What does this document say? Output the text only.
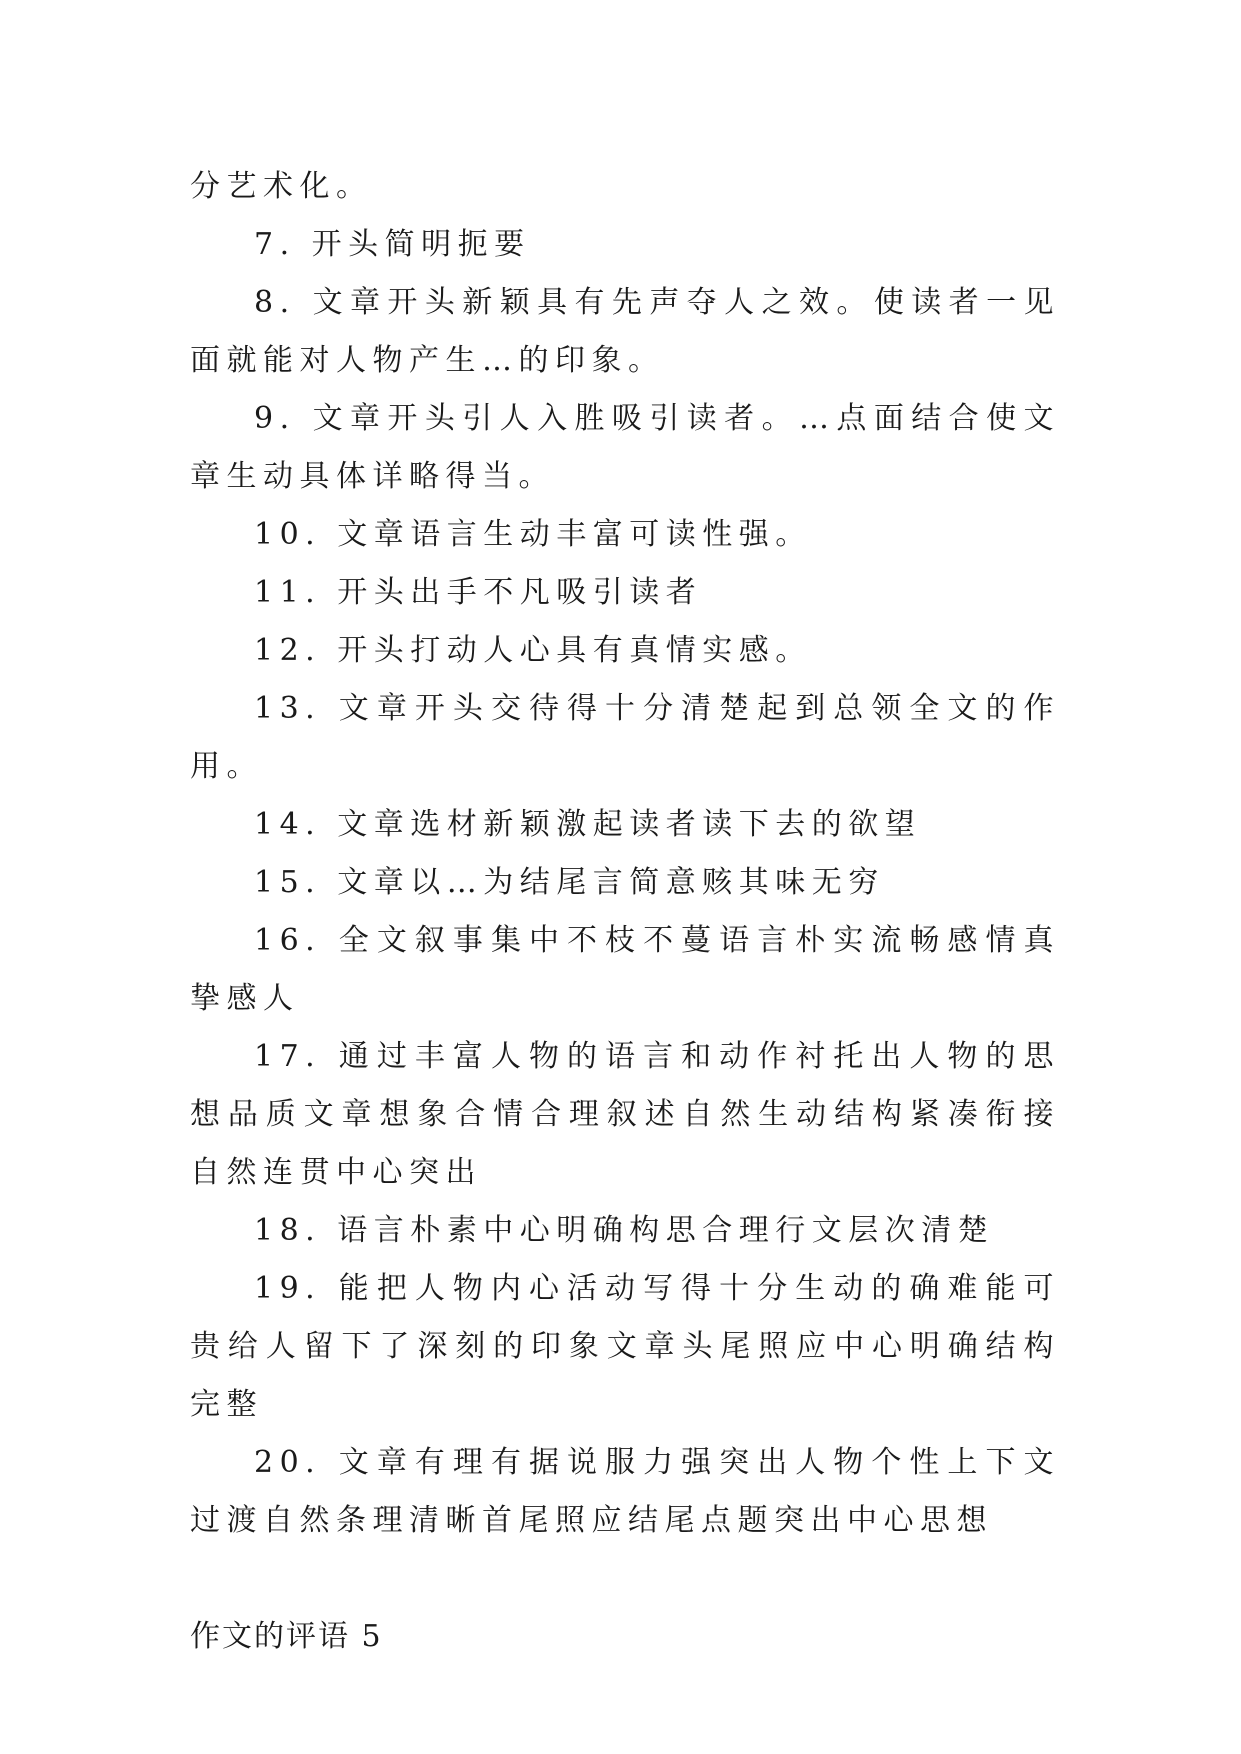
分艺术化。

7. 开头简明扼要

8. 文章开头新颖具有先声夺人之效。使读者一见面就能对人物产生…的印象。

9. 文章开头引人入胜吸引读者。…点面结合使文章生动具体详略得当。

10. 文章语言生动丰富可读性强。

11. 开头出手不凡吸引读者

12. 开头打动人心具有真情实感。

13. 文章开头交待得十分清楚起到总领全文的作用。

14. 文章选材新颖激起读者读下去的欲望

15. 文章以…为结尾言简意赅其味无穷

16. 全文叙事集中不枝不蔓语言朴实流畅感情真挚感人

17. 通过丰富人物的语言和动作衬托出人物的思想品质文章想象合情合理叙述自然生动结构紧凑衔接自然连贯中心突出

18. 语言朴素中心明确构思合理行文层次清楚

19. 能把人物内心活动写得十分生动的确难能可贵给人留下了深刻的印象文章头尾照应中心明确结构完整

20. 文章有理有据说服力强突出人物个性上下文过渡自然条理清晰首尾照应结尾点题突出中心思想

作文的评语 5
